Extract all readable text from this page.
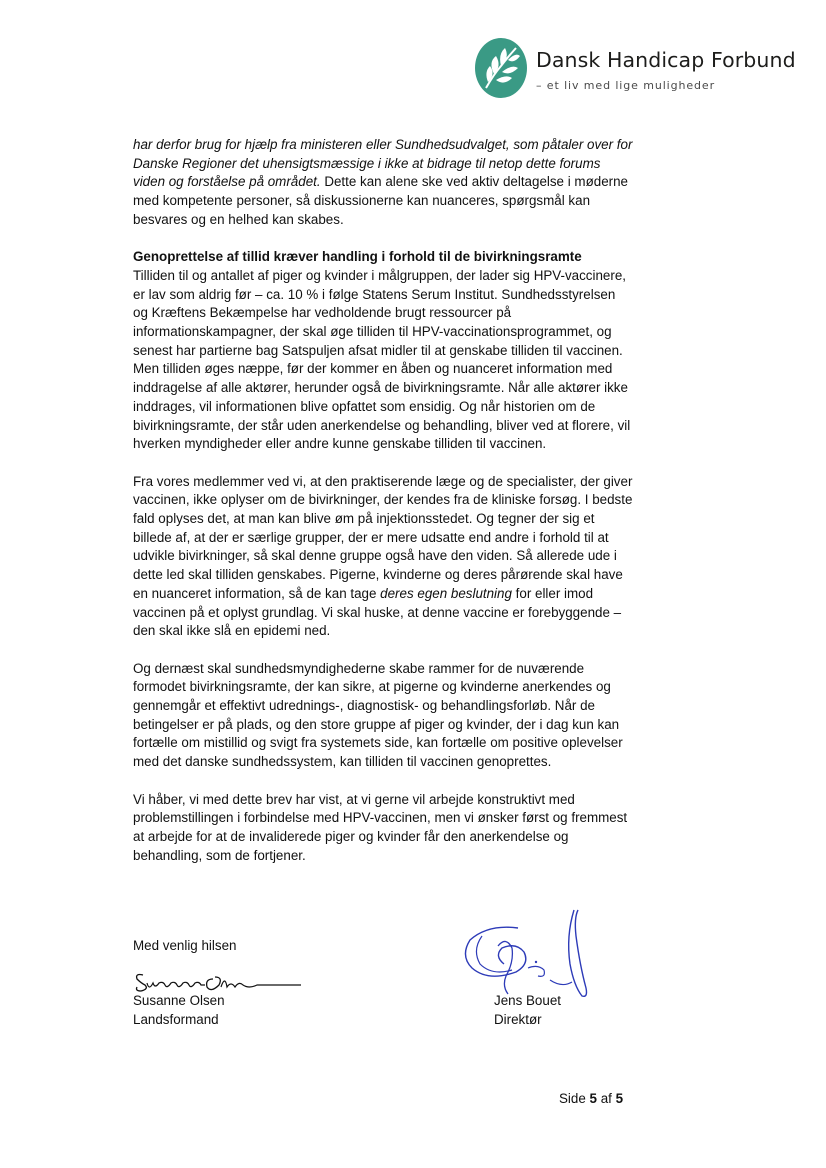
Dansk Handicap Forbund
– et liv med lige muligheder

har derfor brug for hjælp fra ministeren eller Sundhedsudvalget, som påtaler over for Danske Regioner det uhensigtsmæssige i ikke at bidrage til netop dette forums viden og forståelse på området. Dette kan alene ske ved aktiv deltagelse i møderne med kompetente personer, så diskussionerne kan nuanceres, spørgsmål kan besvares og en helhed kan skabes.

Genoprettelse af tillid kræver handling i forhold til de bivirkningsramte

Tilliden til og antallet af piger og kvinder i målgruppen, der lader sig HPV-vaccinere, er lav som aldrig før – ca. 10 % i følge Statens Serum Institut. Sundhedsstyrelsen og Kræftens Bekæmpelse har vedholdende brugt ressourcer på informationskampagner, der skal øge tilliden til HPV-vaccinationsprogrammet, og senest har partierne bag Satspuljen afsat midler til at genskabe tilliden til vaccinen. Men tilliden øges næppe, før der kommer en åben og nuanceret information med inddragelse af alle aktører, herunder også de bivirkningsramte. Når alle aktører ikke inddrages, vil informationen blive opfattet som ensidig. Og når historien om de bivirkningsramte, der står uden anerkendelse og behandling, bliver ved at florere, vil hverken myndigheder eller andre kunne genskabe tilliden til vaccinen.

Fra vores medlemmer ved vi, at den praktiserende læge og de specialister, der giver vaccinen, ikke oplyser om de bivirkninger, der kendes fra de kliniske forsøg. I bedste fald oplyses det, at man kan blive øm på injektionsstedet. Og tegner der sig et billede af, at der er særlige grupper, der er mere udsatte end andre i forhold til at udvikle bivirkninger, så skal denne gruppe også have den viden. Så allerede ude i dette led skal tilliden genskabes. Pigerne, kvinderne og deres pårørende skal have en nuanceret information, så de kan tage deres egen beslutning for eller imod vaccinen på et oplyst grundlag. Vi skal huske, at denne vaccine er forebyggende – den skal ikke slå en epidemi ned.

Og dernæst skal sundhedsmyndighederne skabe rammer for de nuværende formodet bivirkningsramte, der kan sikre, at pigerne og kvinderne anerkendes og gennemgår et effektivt udrednings-, diagnostisk- og behandlingsforløb. Når de betingelser er på plads, og den store gruppe af piger og kvinder, der i dag kun kan fortælle om mistillid og svigt fra systemets side, kan fortælle om positive oplevelser med det danske sundhedssystem, kan tilliden til vaccinen genoprettes.

Vi håber, vi med dette brev har vist, at vi gerne vil arbejde konstruktivt med problemstillingen i forbindelse med HPV-vaccinen, men vi ønsker først og fremmest at arbejde for at de invaliderede piger og kvinder får den anerkendelse og behandling, som de fortjener.

Med venlig hilsen
Susanne Olsen
Landsformand
Jens Bouet
Direktør
Side 5 af 5
